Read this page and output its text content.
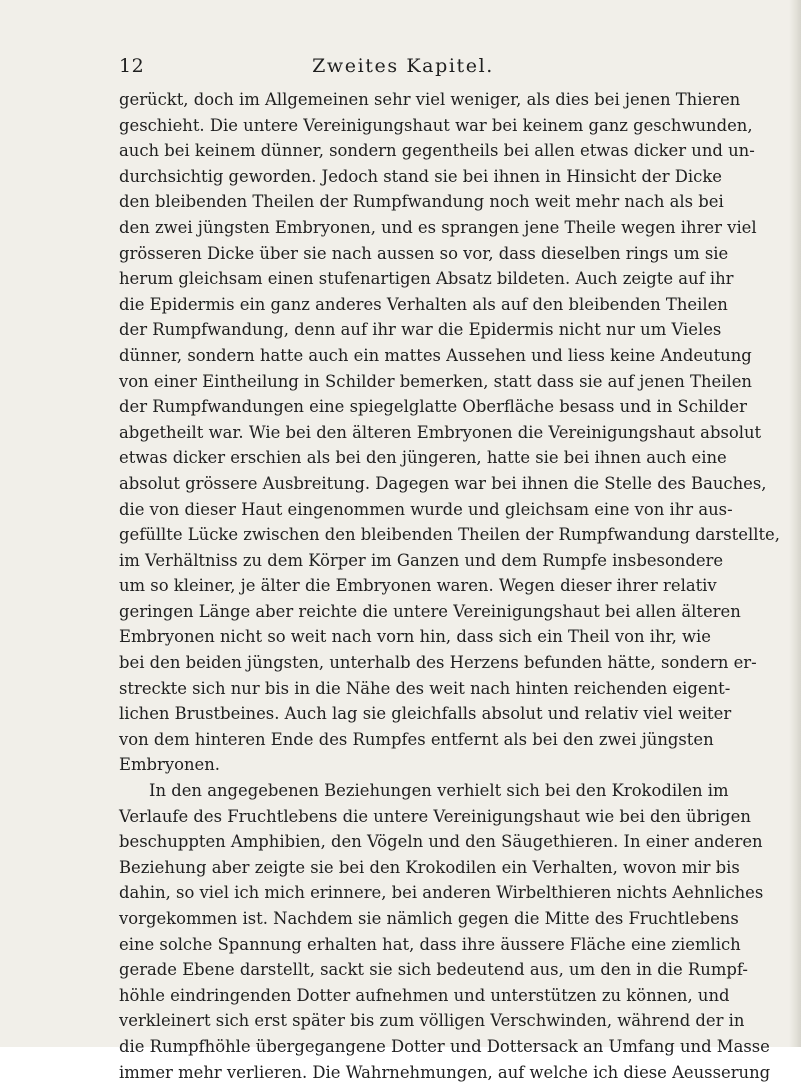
12	Zweites Kapitel.
gerückt, doch im Allgemeinen sehr viel weniger, als dies bei jenen Thieren
geschieht. Die untere Vereinigungshaut war bei keinem ganz geschwunden,
auch bei keinem dünner, sondern gegentheils bei allen etwas dicker und un-
durchsichtig geworden. Jedoch stand sie bei ihnen in Hinsicht der Dicke
den bleibenden Theilen der Rumpfwandung noch weit mehr nach als bei
den zwei jüngsten Embryonen, und es sprangen jene Theile wegen ihrer viel
grösseren Dicke über sie nach aussen so vor, dass dieselben rings um sie
herum gleichsam einen stufenartigen Absatz bildeten. Auch zeigte auf ihr
die Epidermis ein ganz anderes Verhalten als auf den bleibenden Theilen
der Rumpfwandung, denn auf ihr war die Epidermis nicht nur um Vieles
dünner, sondern hatte auch ein mattes Aussehen und liess keine Andeutung
von einer Eintheilung in Schilder bemerken, statt dass sie auf jenen Theilen
der Rumpfwandungen eine spiegelglatte Oberfläche besass und in Schilder
abgetheilt war. Wie bei den älteren Embryonen die Vereinigungshaut absolut
etwas dicker erschien als bei den jüngeren, hatte sie bei ihnen auch eine
absolut grössere Ausbreitung. Dagegen war bei ihnen die Stelle des Bauches,
die von dieser Haut eingenommen wurde und gleichsam eine von ihr aus-
gefüllte Lücke zwischen den bleibenden Theilen der Rumpfwandung darstellte,
im Verhältniss zu dem Körper im Ganzen und dem Rumpfe insbesondere
um so kleiner, je älter die Embryonen waren. Wegen dieser ihrer relativ
geringen Länge aber reichte die untere Vereinigungshaut bei allen älteren
Embryonen nicht so weit nach vorn hin, dass sich ein Theil von ihr, wie
bei den beiden jüngsten, unterhalb des Herzens befunden hätte, sondern er-
streckte sich nur bis in die Nähe des weit nach hinten reichenden eigent-
lichen Brustbeines. Auch lag sie gleichfalls absolut und relativ viel weiter
von dem hinteren Ende des Rumpfes entfernt als bei den zwei jüngsten
Embryonen.
In den angegebenen Beziehungen verhielt sich bei den Krokodilen im
Verlaufe des Fruchtlebens die untere Vereinigungshaut wie bei den übrigen
beschuppten Amphibien, den Vögeln und den Säugethieren. In einer anderen
Beziehung aber zeigte sie bei den Krokodilen ein Verhalten, wovon mir bis
dahin, so viel ich mich erinnere, bei anderen Wirbelthieren nichts Aehnliches
vorgekommen ist. Nachdem sie nämlich gegen die Mitte des Fruchtlebens
eine solche Spannung erhalten hat, dass ihre äussere Fläche eine ziemlich
gerade Ebene darstellt, sackt sie sich bedeutend aus, um den in die Rumpf-
höhle eindringenden Dotter aufnehmen und unterstützen zu können, und
verkleinert sich erst später bis zum völligen Verschwinden, während der in
die Rumpfhöhle übergegangene Dotter und Dottersack an Umfang und Masse
immer mehr verlieren. Die Wahrnehmungen, auf welche ich diese Aeusserung
